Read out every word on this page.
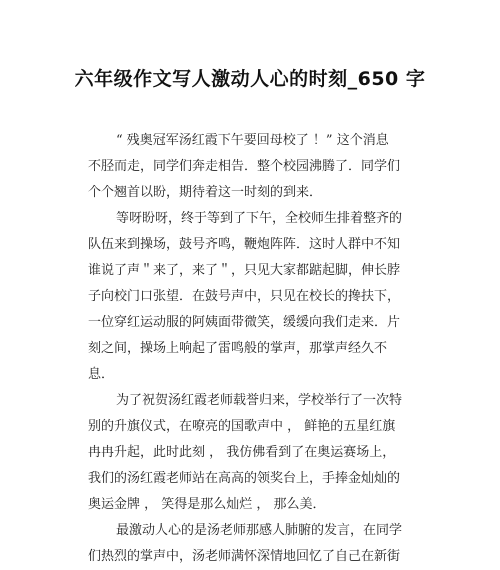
六年级作文写人激动人心的时刻_650 字
“ 残奥冠军汤红霞下午要回母校了 ！” 这个消息
不胫而走，同学们奔走相告．整个校园沸腾了．同学们
个个翘首以盼，期待着这一时刻的到来．
等呀盼呀，终于等到了下午，全校师生排着整齐的
队伍来到操场，鼓号齐鸣，鞭炮阵阵．这时人群中不知
谁说了声＂来了，来了＂，只见大家都踮起脚，伸长脖
子向校门口张望．在鼓号声中，只见在校长的搀扶下，
一位穿红运动服的阿姨面带微笑，缓缓向我们走来．片
刻之间，操场上响起了雷鸣般的掌声，那掌声经久不
息．
为了祝贺汤红霞老师载誉归来，学校举行了一次特
别的升旗仪式，在嘹亮的国歌声中 ， 鲜艳的五星红旗
冉冉升起，此时此刻 ， 我仿佛看到了在奥运赛场上，
我们的汤红霞老师站在高高的领奖台上，手捧金灿灿的
奥运金牌 ， 笑得是那么灿烂 ， 那么美．
最激动人心的是汤老师那感人肺腑的发言，在同学
们热烈的掌声中，汤老师满怀深情地回忆了自己在新街
